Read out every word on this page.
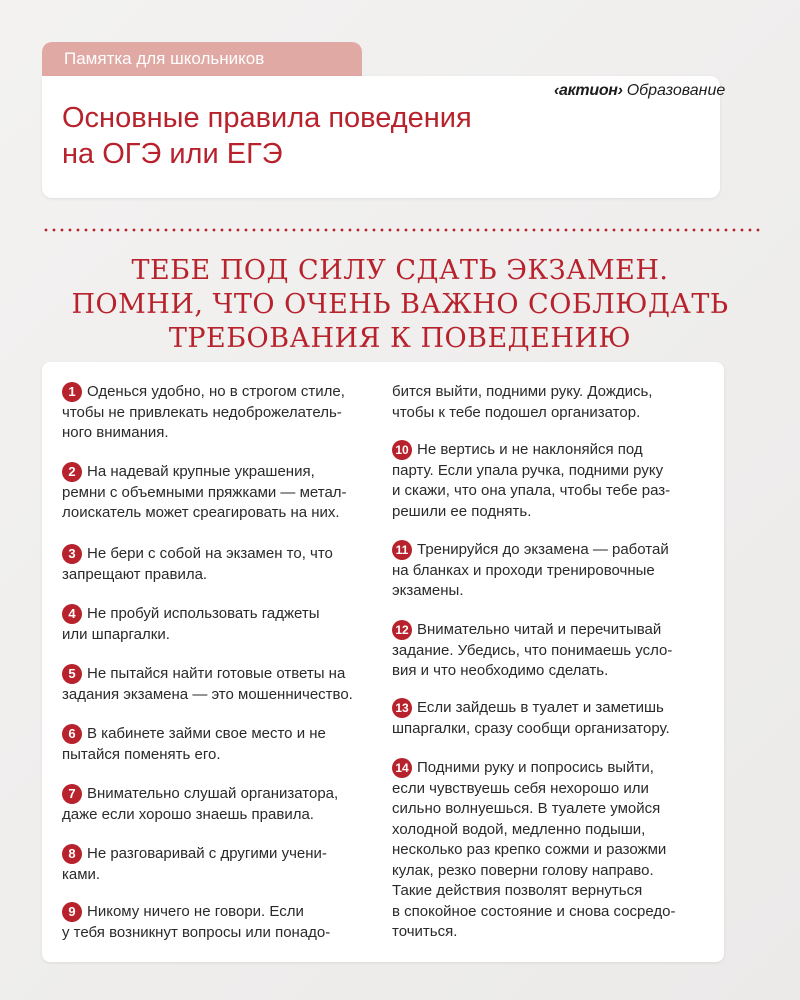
Памятка для школьников
Основные правила поведения
на ОГЭ или ЕГЭ
‹актион› Образование
ТЕБЕ ПОД СИЛУ СДАТЬ ЭКЗАМЕН.
ПОМНИ, ЧТО ОЧЕНЬ ВАЖНО СОБЛЮДАТЬ
ТРЕБОВАНИЯ К ПОВЕДЕНИЮ
1 Оденься удобно, но в строгом стиле,
чтобы не привлекать недоброжелатель-
ного внимания.
2 На надевай крупные украшения,
ремни с объемными пряжками — метал-
лоискатель может среагировать на них.
3 Не бери с собой на экзамен то, что
запрещают правила.
4 Не пробуй использовать гаджеты
или шпаргалки.
5 Не пытайся найти готовые ответы на
задания экзамена — это мошенничество.
6 В кабинете займи свое место и не
пытайся поменять его.
7 Внимательно слушай организатора,
даже если хорошо знаешь правила.
8 Не разговаривай с другими учени-
ками.
9 Никому ничего не говори. Если
у тебя возникнут вопросы или понадо-
бится выйти, подними руку. Дождись,
чтобы к тебе подошел организатор.
10 Не вертись и не наклоняйся под
парту. Если упала ручка, подними руку
и скажи, что она упала, чтобы тебе раз-
решили ее поднять.
11 Тренируйся до экзамена — работай
на бланках и проходи тренировочные
экзамены.
12 Внимательно читай и перечитывай
задание. Убедись, что понимаешь усло-
вия и что необходимо сделать.
13 Если зайдешь в туалет и заметишь
шпаргалки, сразу сообщи организатору.
14 Подними руку и попросись выйти,
если чувствуешь себя нехорошо или
сильно волнуешься. В туалете умойся
холодной водой, медленно подыши,
несколько раз крепко сожми и разожми
кулак, резко поверни голову направо.
Такие действия позволят вернуться
в спокойное состояние и снова сосредо-
точиться.
